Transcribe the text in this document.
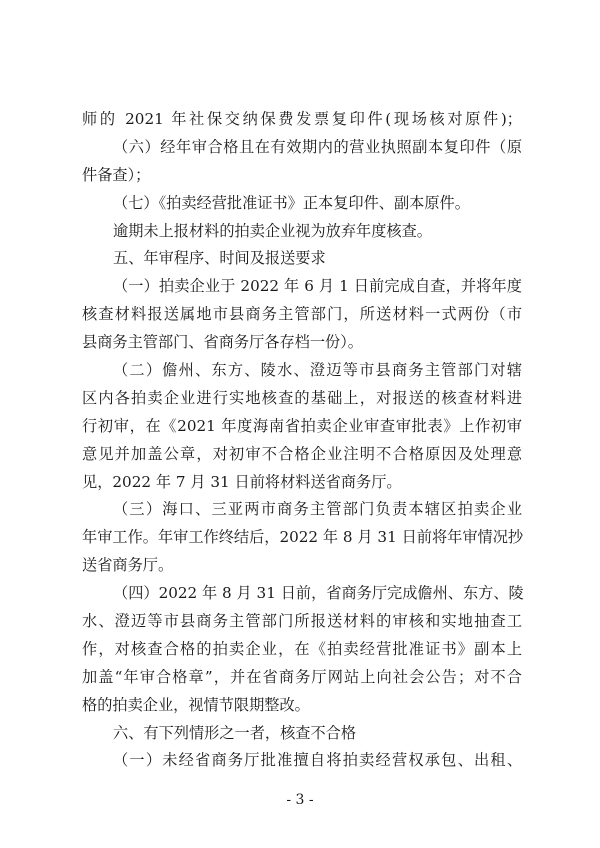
师的 2021 年社保交纳保费发票复印件(现场核对原件)；
（六）经年审合格且在有效期内的营业执照副本复印件（原
件备查）；
（七）《拍卖经营批准证书》正本复印件、副本原件。
逾期未上报材料的拍卖企业视为放弃年度核查。
五、年审程序、时间及报送要求
（一）拍卖企业于 2022 年 6 月 1 日前完成自查，并将年度
核查材料报送属地市县商务主管部门，所送材料一式两份（市
县商务主管部门、省商务厅各存档一份）。
（二）儋州、东方、陵水、澄迈等市县商务主管部门对辖
区内各拍卖企业进行实地核查的基础上，对报送的核查材料进
行初审，在《2021 年度海南省拍卖企业审查审批表》上作初审
意见并加盖公章，对初审不合格企业注明不合格原因及处理意
见，2022 年 7 月 31 日前将材料送省商务厅。
（三）海口、三亚两市商务主管部门负责本辖区拍卖企业
年审工作。年审工作终结后，2022 年 8 月 31 日前将年审情况抄
送省商务厅。
（四）2022 年 8 月 31 日前，省商务厅完成儋州、东方、陵
水、澄迈等市县商务主管部门所报送材料的审核和实地抽查工
作，对核查合格的拍卖企业，在《拍卖经营批准证书》副本上
加盖“年审合格章”，并在省商务厅网站上向社会公告；对不合
格的拍卖企业，视情节限期整改。
六、有下列情形之一者，核查不合格
（一）未经省商务厅批准擅自将拍卖经营权承包、出租、
- 3 -
